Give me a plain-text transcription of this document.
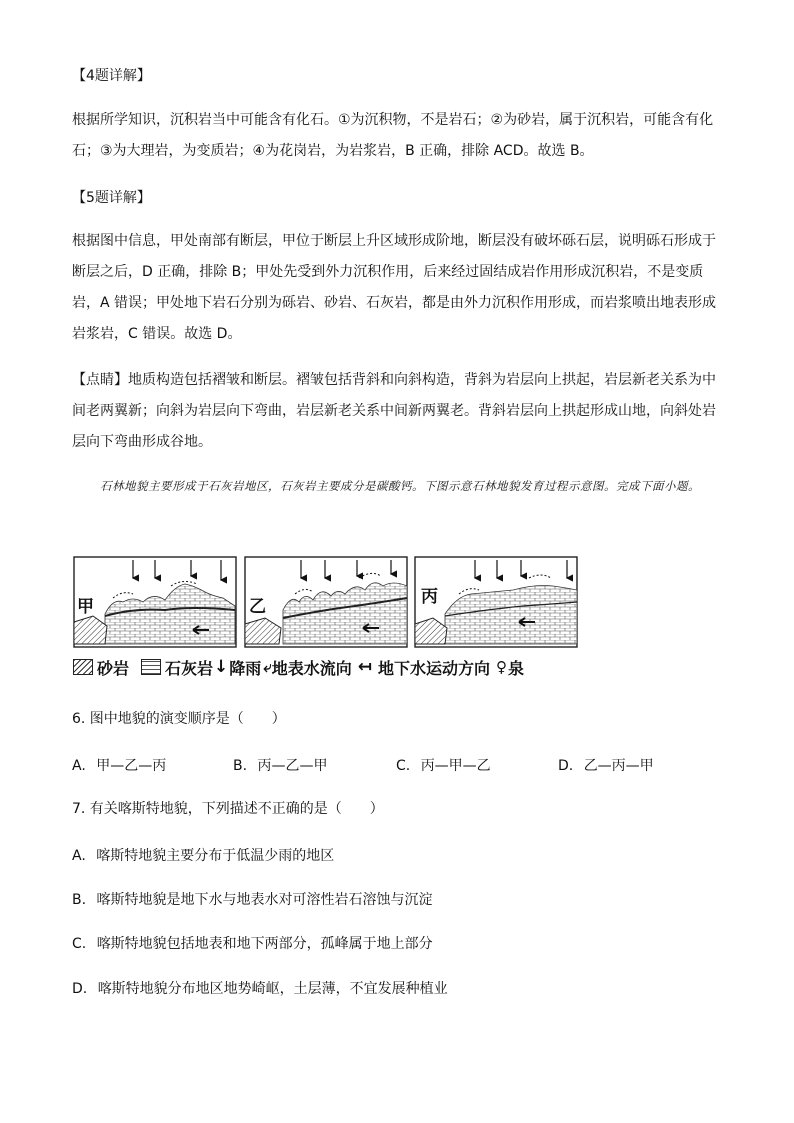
【4题详解】

根据所学知识，沉积岩当中可能含有化石。①为沉积物，不是岩石；②为砂岩，属于沉积岩，可能含有化石；③为大理岩，为变质岩；④为花岗岩，为岩浆岩，B 正确，排除 ACD。故选 B。

【5题详解】

根据图中信息，甲处南部有断层，甲位于断层上升区域形成阶地，断层没有破坏砾石层，说明砾石形成于断层之后，D 正确，排除 B；甲处先受到外力沉积作用，后来经过固结成岩作用形成沉积岩，不是变质岩，A 错误；甲处地下岩石分别为砾岩、砂岩、石灰岩，都是由外力沉积作用形成，而岩浆喷出地表形成岩浆岩，C 错误。故选 D。

【点睛】地质构造包括褶皱和断层。褶皱包括背斜和向斜构造，背斜为岩层向上拱起，岩层新老关系为中间老两翼新；向斜为岩层向下弯曲，岩层新老关系中间新两翼老。背斜岩层向上拱起形成山地，向斜处岩层向下弯曲形成谷地。

石林地貌主要形成于石灰岩地区，石灰岩主要成分是碳酸钙。下图示意石林地貌发育过程示意图。完成下面小题。

甲	乙	丙
砂岩 石灰岩 ↓ 降雨 ⤶ 地表水流向 ↤ 地下水运动方向 ♀ 泉
6. 图中地貌的演变顺序是（　　）
A. 甲—乙—丙	B. 丙—乙—甲	C. 丙—甲—乙	D. 乙—丙—甲
7. 有关喀斯特地貌，下列描述不正确的是（　　）
A. 喀斯特地貌主要分布于低温少雨的地区
B. 喀斯特地貌是地下水与地表水对可溶性岩石溶蚀与沉淀
C. 喀斯特地貌包括地表和地下两部分，孤峰属于地上部分
D. 喀斯特地貌分布地区地势崎岖，土层薄，不宜发展种植业
